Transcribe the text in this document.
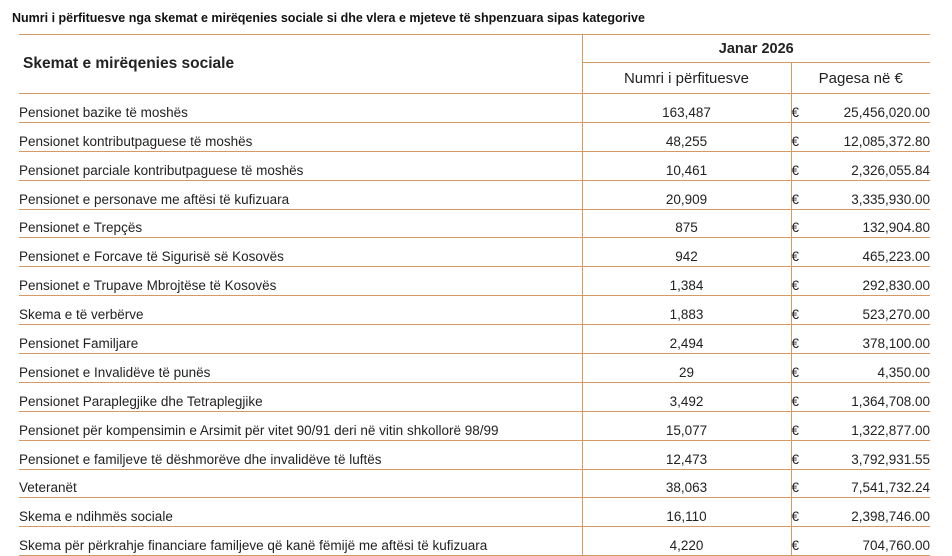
Numri i përfituesve nga skemat e mirëqenies sociale si dhe vlera e mjeteve të shpenzuara sipas kategorive
Skemat e mirëqenies sociale	Janar 2026		
	Numri i përfituesve	Pagesa në €	
Pensionet bazike të moshës	163,487	€	25,456,020.00
Pensionet kontributpaguese të moshës	48,255	€	12,085,372.80
Pensionet parciale kontributpaguese të moshës	10,461	€	2,326,055.84
Pensionet e personave me aftësi të kufizuara	20,909	€	3,335,930.00
Pensionet e Trepçës	875	€	132,904.80
Pensionet e Forcave të Sigurisë së Kosovës	942	€	465,223.00
Pensionet e Trupave Mbrojtëse të Kosovës	1,384	€	292,830.00
Skema e të verbërve	1,883	€	523,270.00
Pensionet Familjare	2,494	€	378,100.00
Pensionet e Invalidëve të punës	29	€	4,350.00
Pensionet Paraplegjike dhe Tetraplegjike	3,492	€	1,364,708.00
Pensionet për kompensimin e Arsimit për vitet 90/91 deri në vitin shkollorë 98/99	15,077	€	1,322,877.00
Pensionet e familjeve të dëshmorëve dhe invalidëve të luftës	12,473	€	3,792,931.55
Veteranët	38,063	€	7,541,732.24
Skema e ndihmës sociale	16,110	€	2,398,746.00
Skema për përkrahje financiare familjeve që kanë fëmijë me aftësi të kufizuara	4,220	€	704,760.00
